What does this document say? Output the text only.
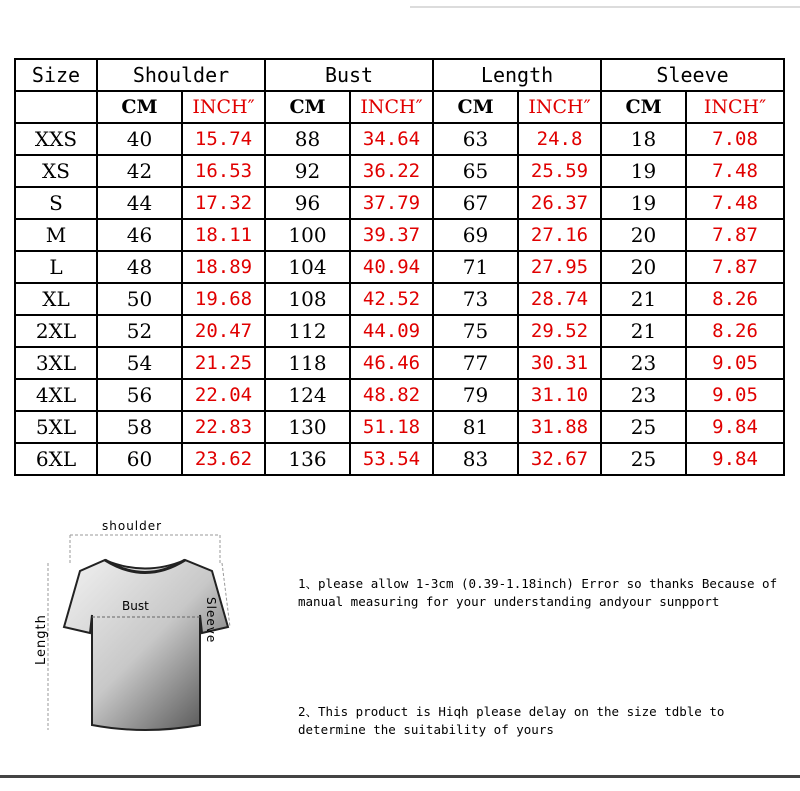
Size	Shoulder		Bust		Length		Sleeve	
	CM	INCH″	CM	INCH″	CM	INCH″	CM	INCH″
XXS	40	15.74	88	34.64	63	24.8	18	7.08
XS	42	16.53	92	36.22	65	25.59	19	7.48
S	44	17.32	96	37.79	67	26.37	19	7.48
M	46	18.11	100	39.37	69	27.16	20	7.87
L	48	18.89	104	40.94	71	27.95	20	7.87
XL	50	19.68	108	42.52	73	28.74	21	8.26
2XL	52	20.47	112	44.09	75	29.52	21	8.26
3XL	54	21.25	118	46.46	77	30.31	23	9.05
4XL	56	22.04	124	48.82	79	31.10	23	9.05
5XL	58	22.83	130	51.18	81	31.88	25	9.84
6XL	60	23.62	136	53.54	83	32.67	25	9.84
shoulder
Bust	Sleeve
Length
1、please allow 1-3cm (0.39-1.18inch) Error so thanks Because of manual measuring for your understanding andyour sunpport
2、This product is Hiqh please delay on the size tdble to determine the suitability of yours
